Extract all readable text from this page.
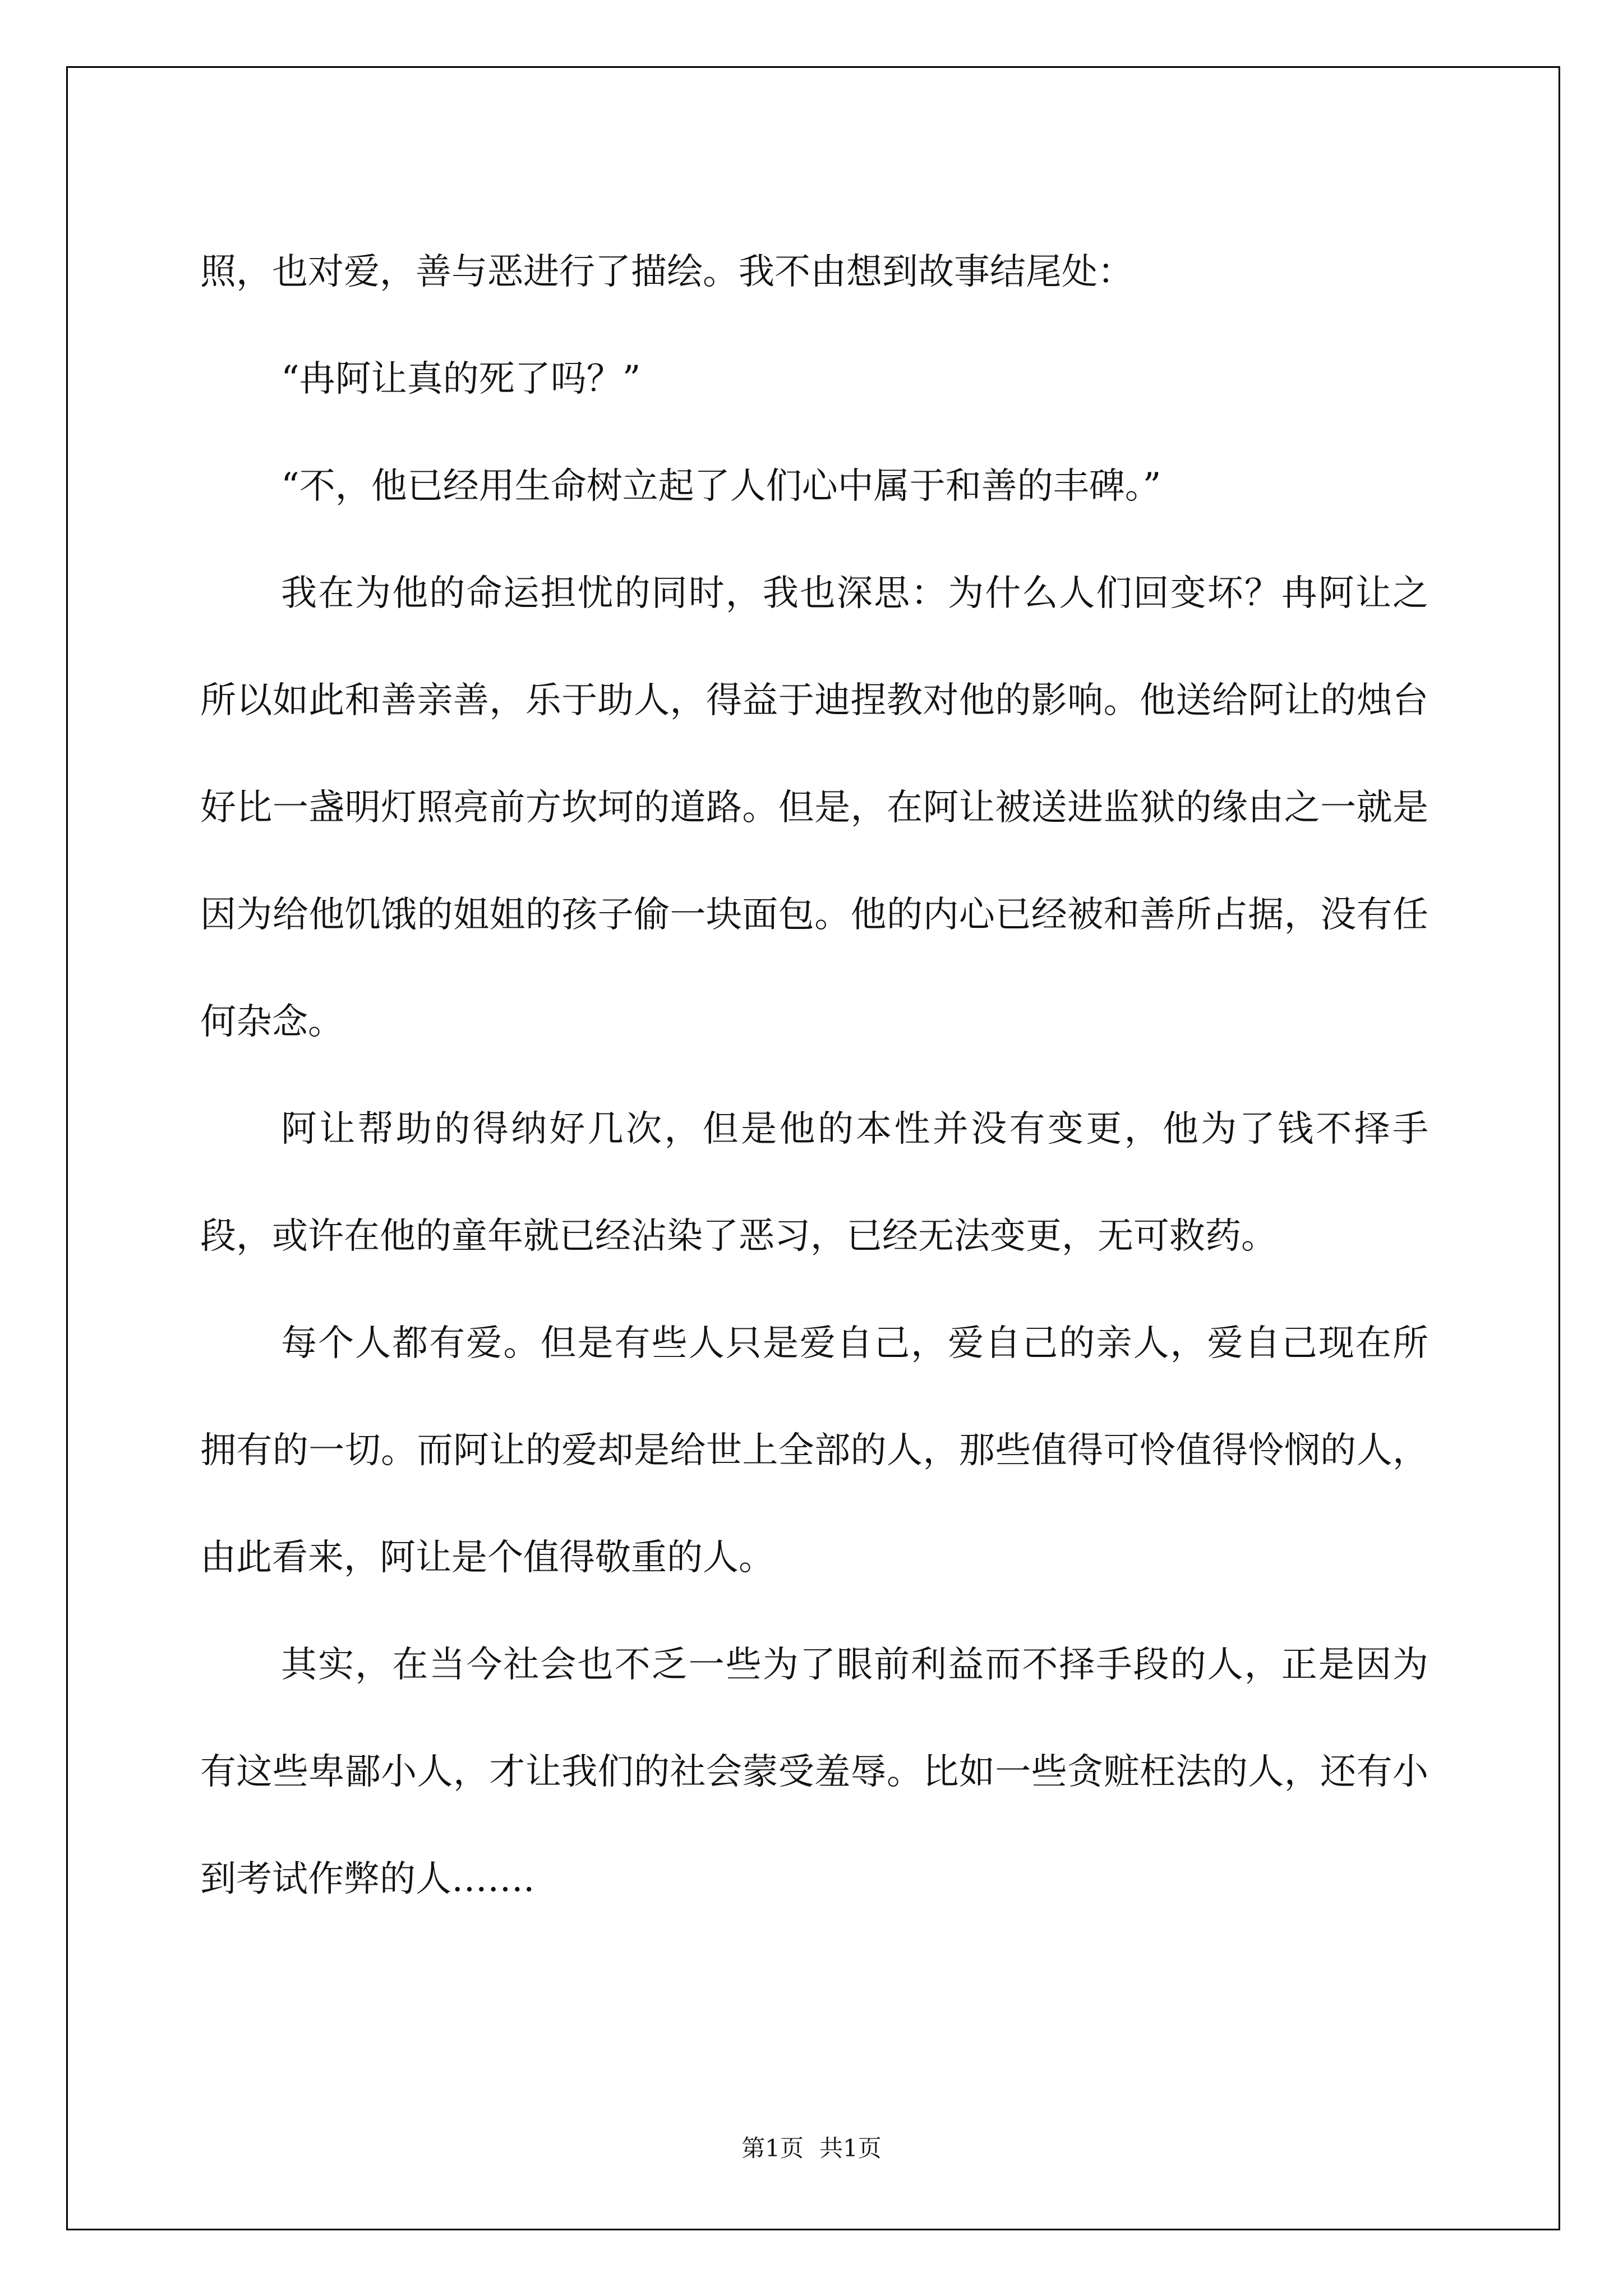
照，也对爱，善与恶进行了描绘。我不由想到故事结尾处：

“冉阿让真的死了吗？”

“不，他已经用生命树立起了人们心中属于和善的丰碑。”

我在为他的命运担忧的同时，我也深思：为什么人们回变坏？冉阿让之所以如此和善亲善，乐于助人，得益于迪捏教对他的影响。他送给阿让的烛台好比一盏明灯照亮前方坎坷的道路。但是，在阿让被送进监狱的缘由之一就是因为给他饥饿的姐姐的孩子偷一块面包。他的内心已经被和善所占据，没有任何杂念。

阿让帮助的得纳好几次，但是他的本性并没有变更，他为了钱不择手段，或许在他的童年就已经沾染了恶习，已经无法变更，无可救药。

每个人都有爱。但是有些人只是爱自己，爱自己的亲人，爱自己现在所拥有的一切。而阿让的爱却是给世上全部的人，那些值得可怜值得怜悯的人，由此看来，阿让是个值得敬重的人。

其实，在当今社会也不乏一些为了眼前利益而不择手段的人，正是因为有这些卑鄙小人，才让我们的社会蒙受羞辱。比如一些贪赃枉法的人，还有小到考试作弊的人…….

第1页 共1页
